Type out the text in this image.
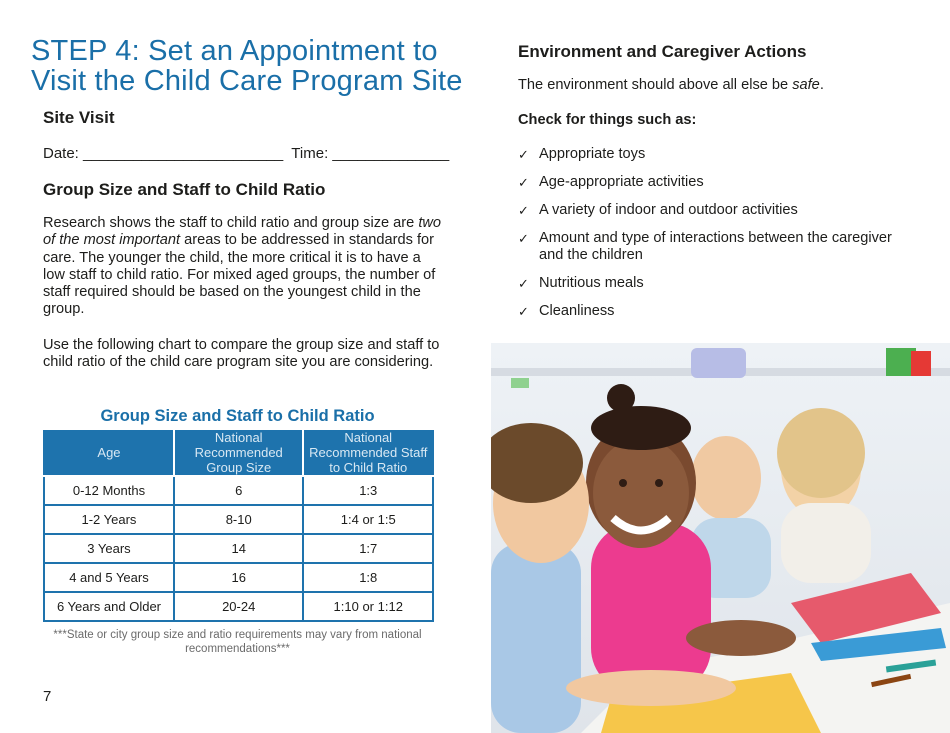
STEP 4: Set an Appointment to Visit the Child Care Program Site
Site Visit
Date: ________________________  Time: ______________
Group Size and Staff to Child Ratio
Research shows the staff to child ratio and group size are two of the most important areas to be addressed in standards for care. The younger the child, the more critical it is to have a low staff to child ratio. For mixed aged groups, the number of staff required should be based on the youngest child in the group.
Use the following chart to compare the group size and staff to child ratio of the child care program site you are considering.
Group Size and Staff to Child Ratio
Age	National Recommended Group Size	National Recommended Staff to Child Ratio
0-12 Months	6	1:3
1-2 Years	8-10	1:4 or 1:5
3 Years	14	1:7
4 and 5 Years	16	1:8
6 Years and Older	20-24	1:10 or 1:12
***State or city group size and ratio requirements may vary from national recommendations***
7
Environment and Caregiver Actions
The environment should above all else be safe.
Check for things such as:
✓ Appropriate toys
✓ Age-appropriate activities
✓ A variety of indoor and outdoor activities
✓ Amount and type of interactions between the caregiver and the children
✓ Nutritious meals
✓ Cleanliness
